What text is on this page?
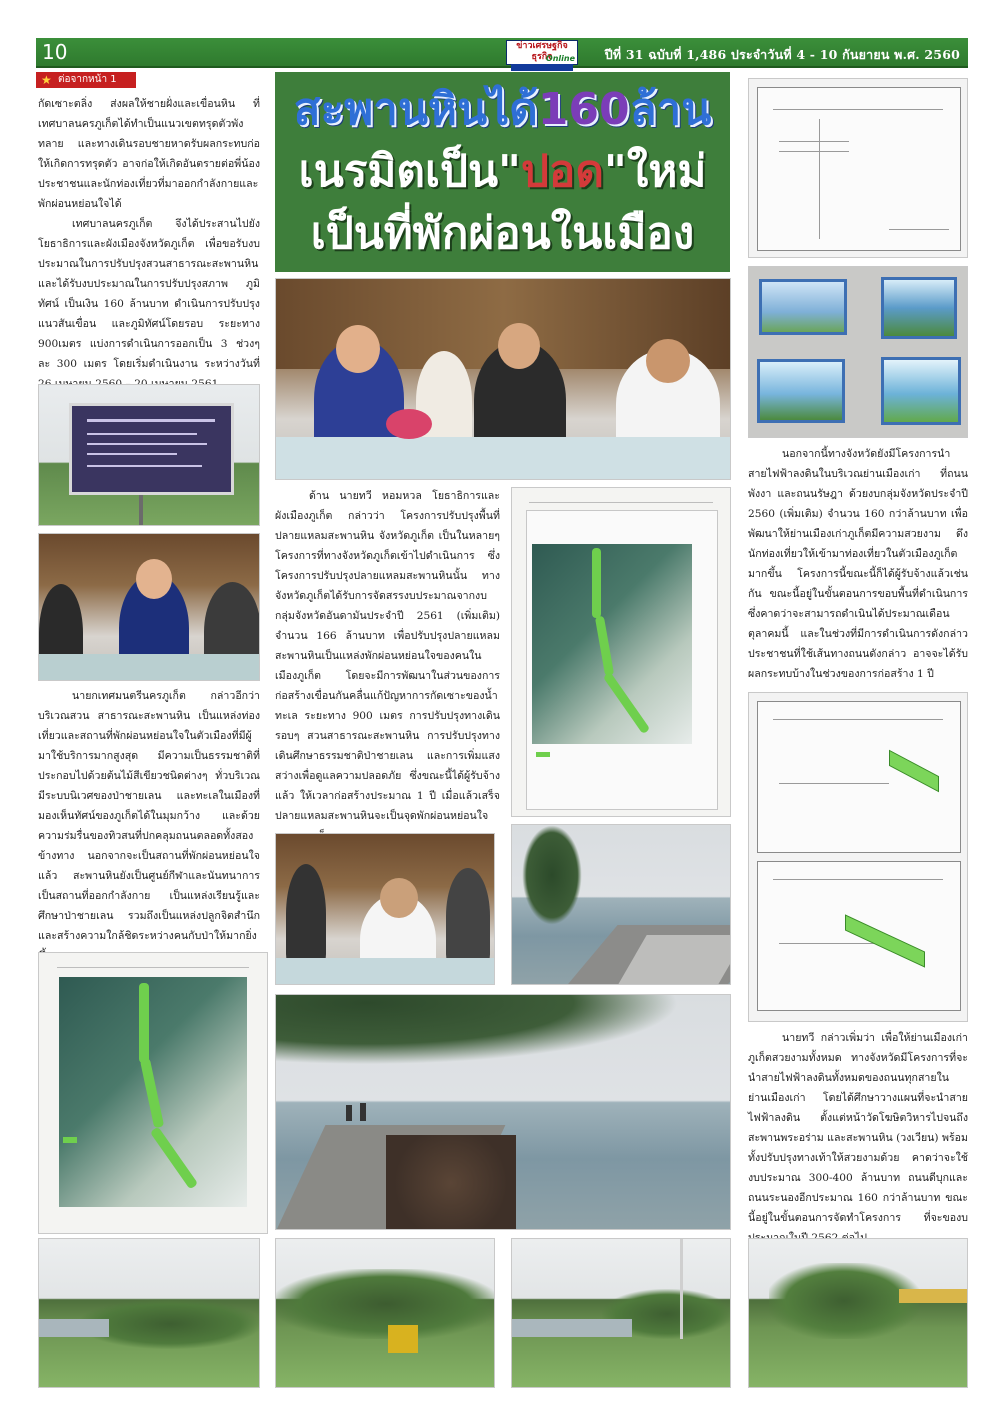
10	ข่าวเศรษฐกิจธุรกิจ
Online ปีที่ 31 ฉบับที่ 1,486 ประจำวันที่ 4 - 10 กันยายน พ.ศ. 2560
★ ต่อจากหน้า 1
สะพานหินได้160ล้าน
เนรมิตเป็น"ปอด"ใหม่
เป็นที่พักผ่อนในเมือง

กัดเซาะตลิ่ง ส่งผลให้ชายฝั่งและเขื่อนหิน ที่เทศบาลนครภูเก็ตได้ทำเป็นแนวเขตทรุดตัวพังทลาย และทางเดินรอบชายหาดรับผลกระทบก่อให้เกิดการทรุดตัว อาจก่อให้เกิดอันตรายต่อพี่น้องประชาชนและนักท่องเที่ยวที่มาออกกำลังกายและพักผ่อนหย่อนใจได้

เทศบาลนครภูเก็ต จึงได้ประสานไปยังโยธาธิการและผังเมืองจังหวัดภูเก็ต เพื่อขอรับงบประมาณในการปรับปรุงสวนสาธารณะสะพานหิน และได้รับงบประมาณในการปรับปรุงสภาพ ภูมิทัศน์ เป็นเงิน 160 ล้านบาท ดำเนินการปรับปรุงแนวสันเขื่อน และภูมิทัศน์โดยรอบ ระยะทาง 900เมตร แบ่งการดำเนินการออกเป็น 3 ช่วงๆ ละ 300 เมตร โดยเริ่มดำเนินงาน ระหว่างวันที่

นายกเทศมนตรีนครภูเก็ต กล่าวอีกว่า บริเวณสวน สาธารณะสะพานหิน เป็นแหล่งท่องเที่ยวและสถานที่พักผ่อนหย่อนใจในตัวเมืองที่มีผู้มาใช้บริการมากสูงสุด มีความเป็นธรรมชาติที่ประกอบไปด้วยต้นไม้สีเขียวชนิดต่างๆ ทั่วบริเวณ มีระบบนิเวศของป่าชายเลน และทะเลในเมืองที่มองเห็นทัศน์ของภูเก็ตได้ในมุมกว้าง และด้วยความร่มรื่นของทิวสนที่ปกคลุมถนนตลอดทั้งสองข้างทาง นอกจากจะเป็นสถานที่พักผ่อนหย่อนใจแล้ว สะพานหินยังเป็นศูนย์กีฬาและนันทนาการ เป็นสถานที่ออกกำลังกาย เป็นแหล่งเรียนรู้และศึกษาป่าชายเลน รวมถึงเป็นแหล่งปลูกจิตสำนึกและสร้างความใกล้ชิดระหว่างคนกับป่าให้มากยิ่ง

ด้าน นายทวี หอมหวล โยธาธิการและผังเมืองภูเก็ต กล่าวว่า โครงการปรับปรุงพื้นที่ปลายแหลมสะพานหิน จังหวัดภูเก็ต เป็นในหลายๆ โครงการที่ทางจังหวัดภูเก็ตเข้าไปดำเนินการ ซึ่งโครงการปรับปรุงปลายแหลมสะพานหินนั้น ทางจังหวัดภูเก็ตได้รับการจัดสรรงบประมาณจากงบกลุ่มจังหวัดอันดามันประจำปี 2561 (เพิ่มเติม) จำนวน 166 ล้านบาท เพื่อปรับปรุงปลายแหลมสะพานหินเป็นแหล่งพักผ่อนหย่อนใจของคนในเมืองภูเก็ต โดยจะมีการพัฒนาในส่วนของการก่อสร้างเขื่อนกันคลื่นแก้ปัญหาการกัดเซาะของน้ำทะเล ระยะทาง 900 เมตร การปรับปรุงทางเดินรอบๆ สวนสาธารณะสะพานหิน การปรับปรุงทางเดินศึกษาธรรมชาติป่าชายเลน และการเพิ่มแสงสว่างเพื่อดูแลความปลอดภัย ซึ่งขณะนี้ได้ผู้รับจ้างแล้ว ให้เวลาก่อสร้างประมาณ 1 ปี เมื่อแล้วเสร็จ ปลายแหลมสะพานหินจะเป็นจุดพักผ่อนหย่อนใจ

นอกจากนี้ทางจังหวัดยังมีโครงการนำสายไฟฟ้าลงดินในบริเวณย่านเมืองเก่า ที่ถนนพังงา และถนนรัษฎา ด้วยงบกลุ่มจังหวัดประจำปี 2560 (เพิ่มเติม) จำนวน 160 กว่าล้านบาท เพื่อพัฒนาให้ย่านเมืองเก่าภูเก็ตมีความสวยงาม ดึงนักท่องเที่ยวให้เข้ามาท่องเที่ยวในตัวเมืองภูเก็ตมากขึ้น โครงการนี้ขณะนี้ก็ได้ผู้รับจ้างแล้วเช่นกัน ขณะนี้อยู่ในขั้นตอนการขอบพื้นที่ดำเนินการ ซึ่งคาดว่าจะสามารถดำเนินได้ประมาณเดือนตุลาคมนี้ และในช่วงที่มีการดำเนินการดังกล่าว ประชาชนที่ใช้เส้นทางถนนดังกล่าว อาจจะได้รับผลกระทบบ้างในช่วงของการก่อสร้าง 1 ปี

นายทวี กล่าวเพิ่มว่า เพื่อให้ย่านเมืองเก่าภูเก็ตสวยงามทั้งหมด ทางจังหวัดมีโครงการที่จะนำสายไฟฟ้าลงดินทั้งหมดของถนนทุกสายในย่านเมืองเก่า โดยได้ศึกษาวางแผนที่จะนำสายไฟฟ้าลงดิน ตั้งแต่หน้าวัดโฆษิตวิหารไปจนถึงสะพานพระอร่าม และสะพานหิน (วงเวียน) พร้อมทั้งปรับปรุงทางเท้าให้สวยงามด้วย คาดว่าจะใช้งบประมาณ 300-400 ล้านบาท ถนนดีบุกและถนนระนองอีกประมาณ 160 กว่าล้านบาท ขณะนี้อยู่ในขั้นตอนการจัดทำโครงการ ที่จะของบ
